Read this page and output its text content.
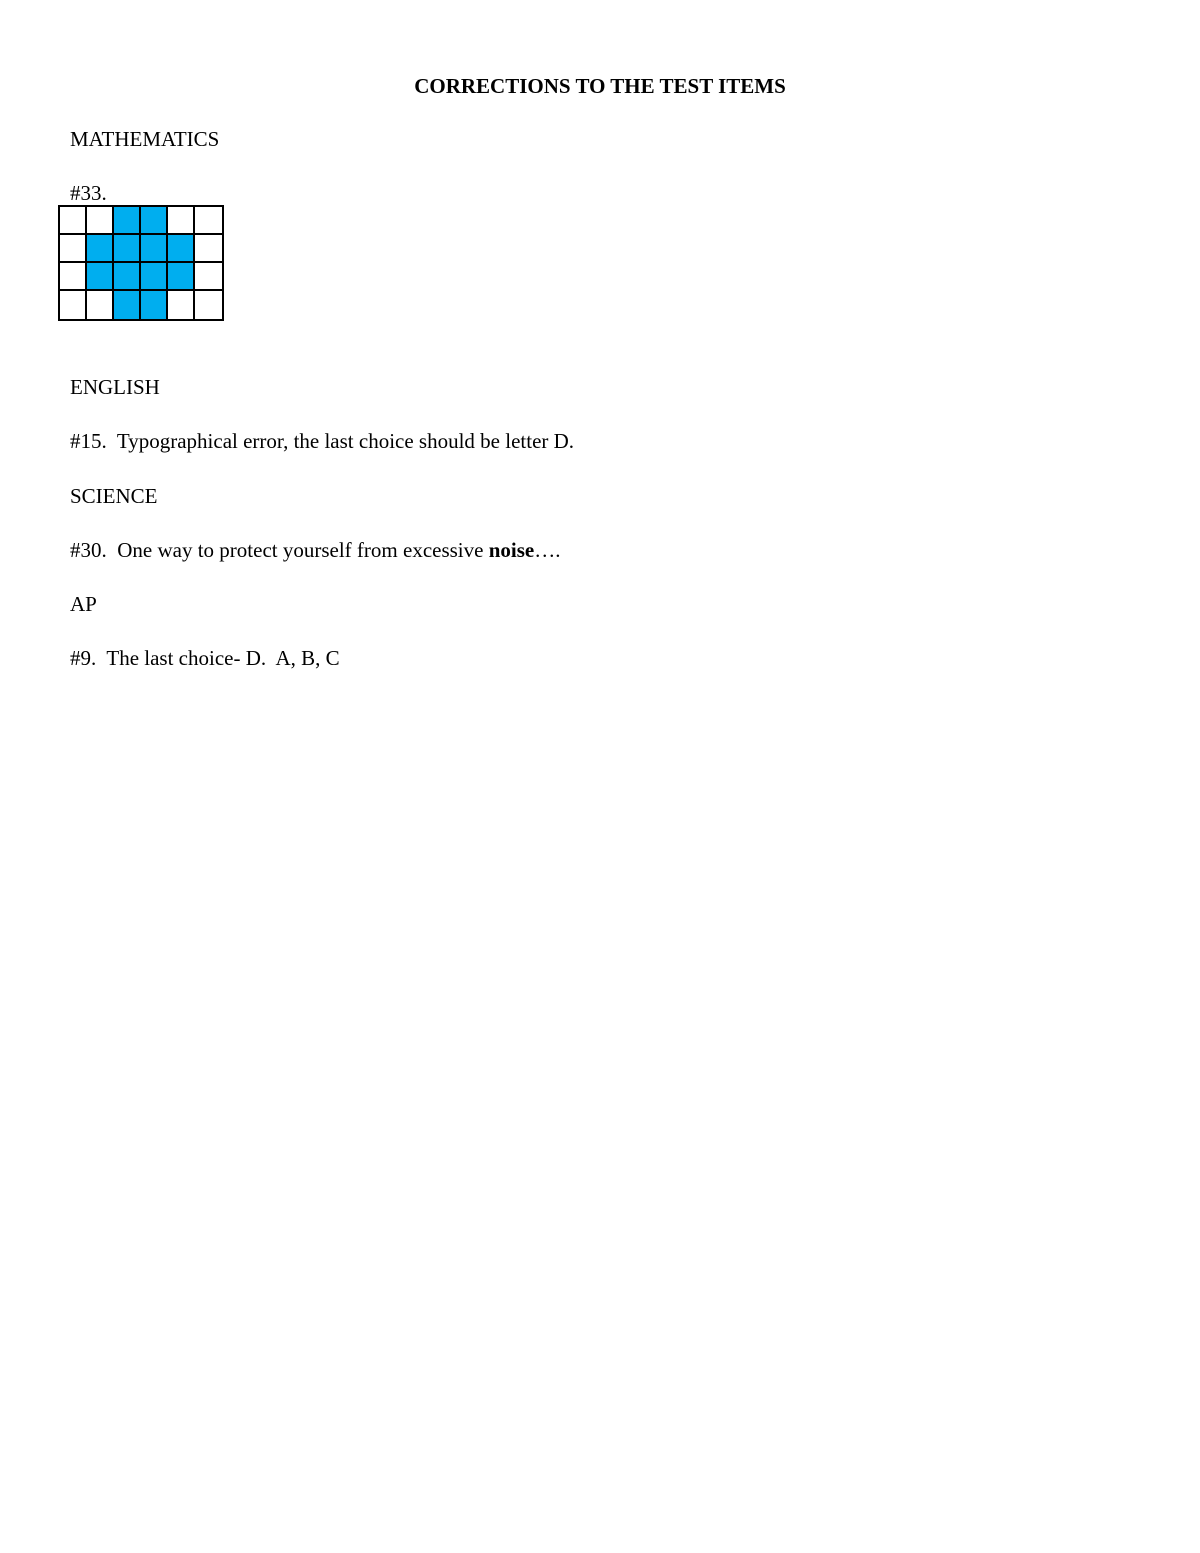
CORRECTIONS TO THE TEST ITEMS
MATHEMATICS
#33.
ENGLISH
#15.  Typographical error, the last choice should be letter D.
SCIENCE
#30.  One way to protect yourself from excessive noise….
AP
#9.  The last choice- D.  A, B, C
